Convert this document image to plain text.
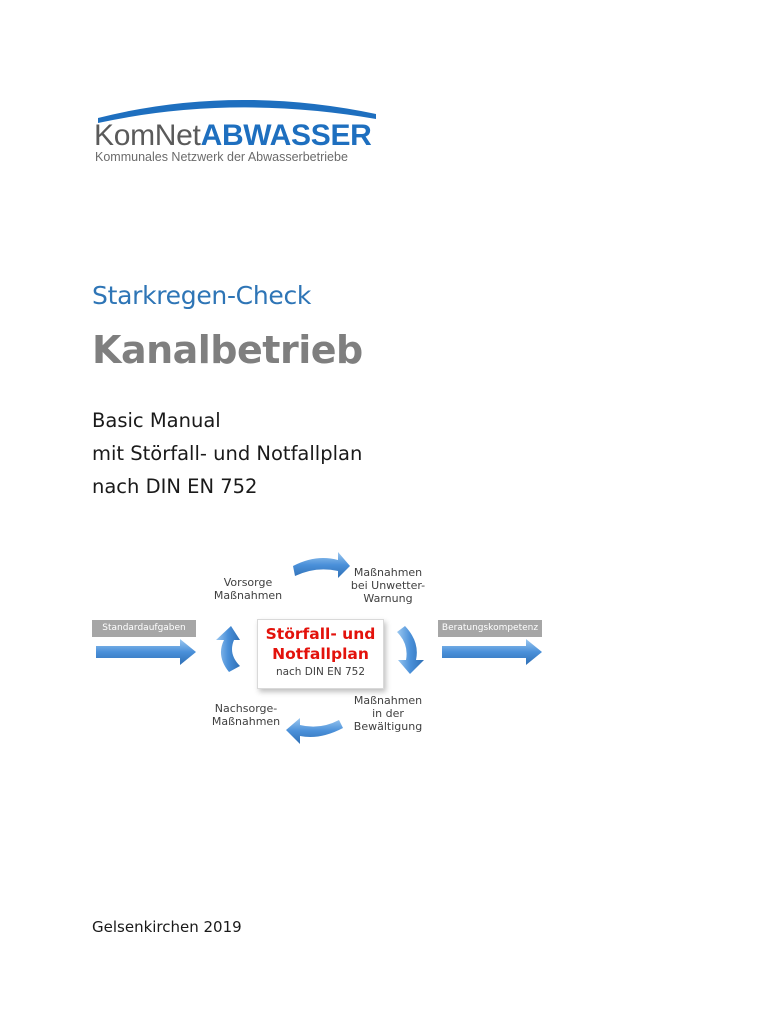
KomNetABWASSER
Kommunales Netzwerk der Abwasserbetriebe
Starkregen-Check
Kanalbetrieb
Basic Manual
mit Störfall- und Notfallplan
nach DIN EN 752
Standardaufgaben	Beratungskompetenz
Vorsorge
Maßnahmen
Maßnahmen
bei Unwetter-
Warnung
Nachsorge-
Maßnahmen
Maßnahmen
in der
Bewältigung
Störfall- und
Notfallplan
nach DIN EN 752
Gelsenkirchen 2019
